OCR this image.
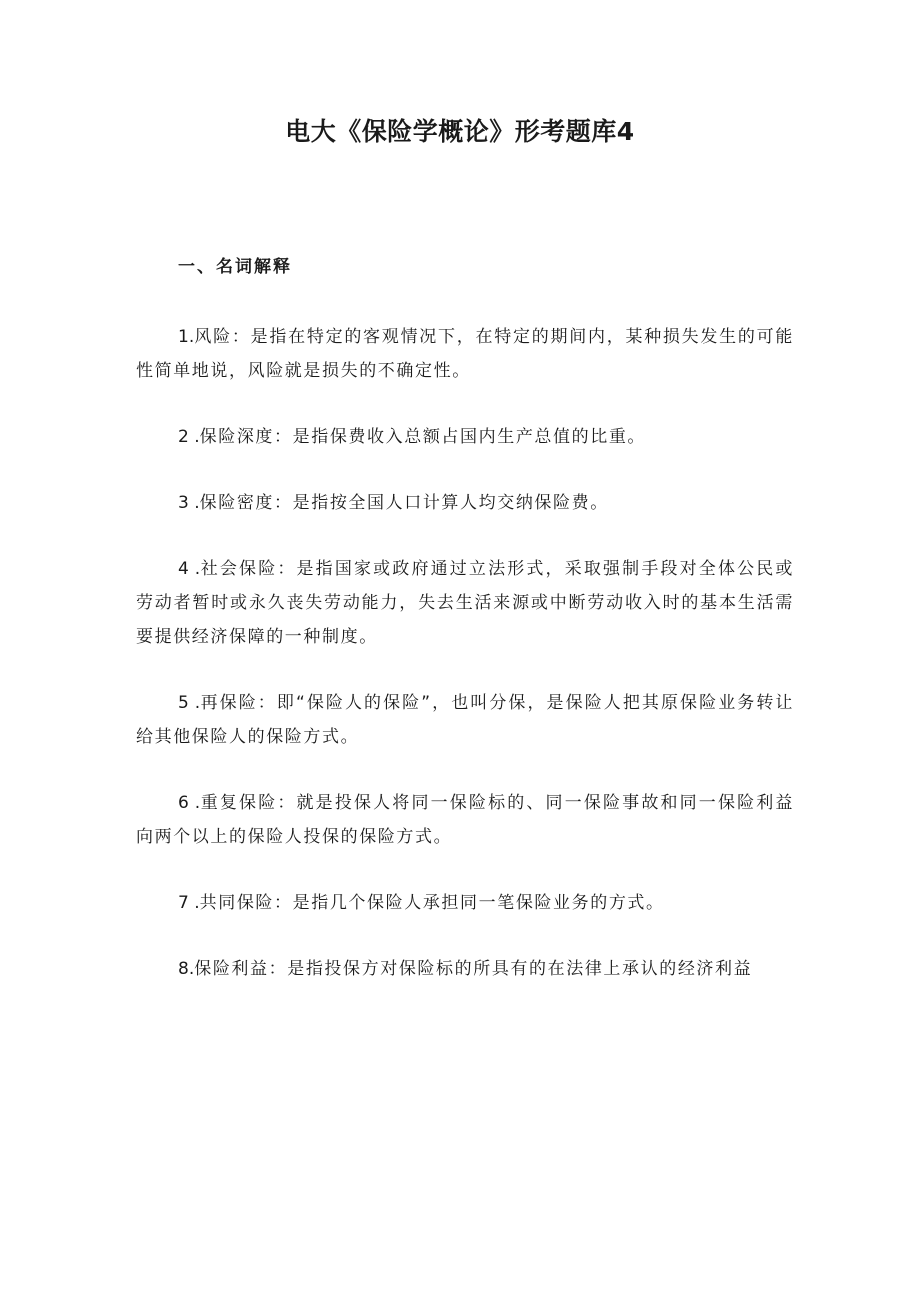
电大《保险学概论》形考题库4
一、名词解释

1.风险：是指在特定的客观情况下，在特定的期间内，某种损失发生的可能性简单地说，风险就是损失的不确定性。

2 .保险深度：是指保费收入总额占国内生产总值的比重。

3 .保险密度：是指按全国人口计算人均交纳保险费。

4 .社会保险：是指国家或政府通过立法形式，采取强制手段对全体公民或劳动者暂时或永久丧失劳动能力，失去生活来源或中断劳动收入时的基本生活需要提供经济保障的一种制度。

5 .再保险：即“保险人的保险”，也叫分保，是保险人把其原保险业务转让给其他保险人的保险方式。

6 .重复保险：就是投保人将同一保险标的、同一保险事故和同一保险利益向两个以上的保险人投保的保险方式。

7 .共同保险：是指几个保险人承担同一笔保险业务的方式。

8.保险利益：是指投保方对保险标的所具有的在法律上承认的经济利益
